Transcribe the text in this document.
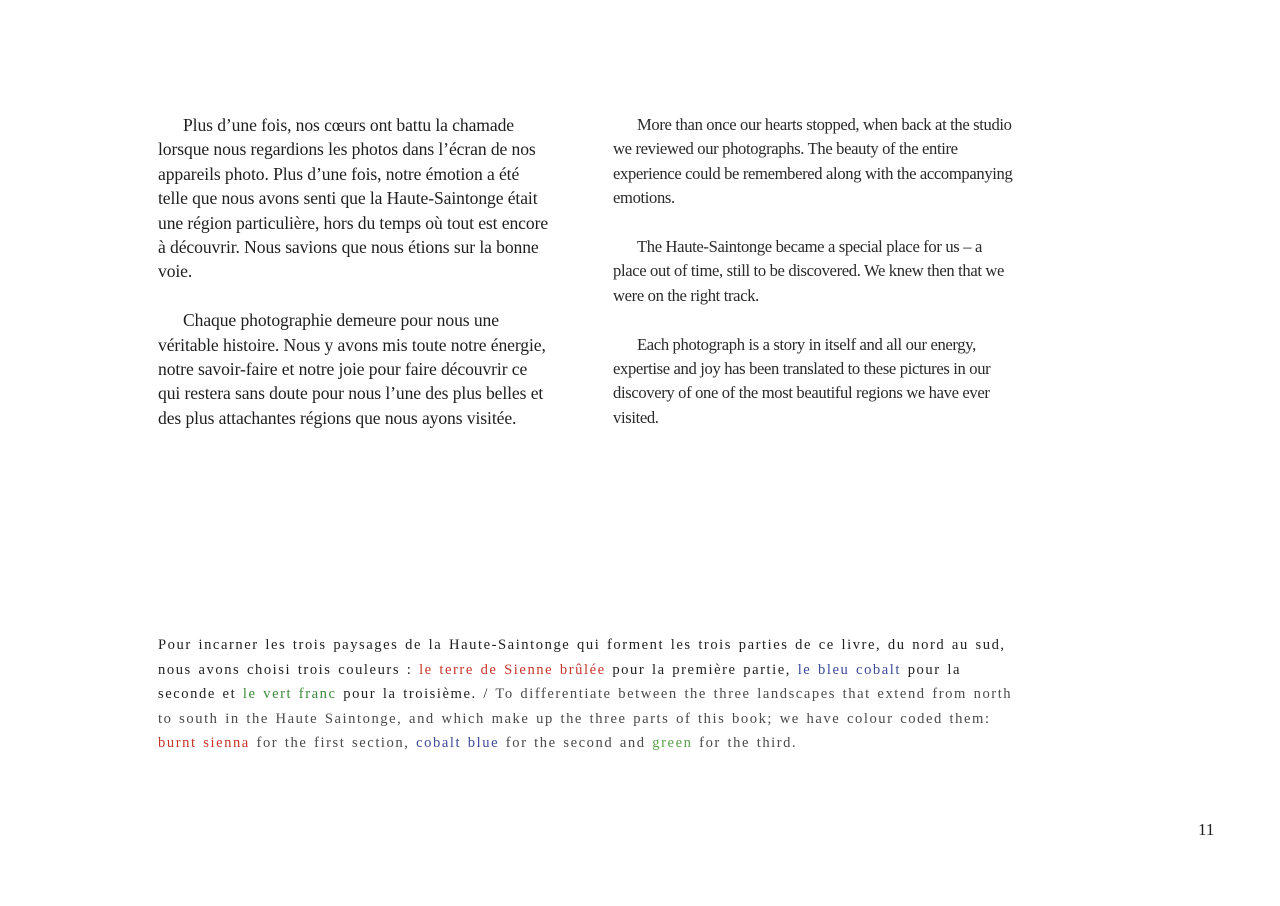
Plus d’une fois, nos cœurs ont battu la chamade lorsque nous regardions les photos dans l’écran de nos appareils photo. Plus d’une fois, notre émotion a été telle que nous avons senti que la Haute-Saintonge était une région particulière, hors du temps où tout est encore à découvrir. Nous savions que nous étions sur la bonne voie.

Chaque photographie demeure pour nous une véritable histoire. Nous y avons mis toute notre énergie, notre savoir-faire et notre joie pour faire découvrir ce qui restera sans doute pour nous l’une des plus belles et des plus attachantes régions que nous ayons visitée.

More than once our hearts stopped, when back at the studio we reviewed our photographs. The beauty of the entire experience could be remembered along with the accompanying emotions.

The Haute-Saintonge became a special place for us – a place out of time, still to be discovered. We knew then that we were on the right track.

Each photograph is a story in itself and all our energy, expertise and joy has been translated to these pictures in our discovery of one of the most beautiful regions we have ever visited.

Pour incarner les trois paysages de la Haute-Saintonge qui forment les trois parties de ce livre, du nord au sud, nous avons choisi trois couleurs : le terre de Sienne brûlée pour la première partie, le bleu cobalt pour la seconde et le vert franc pour la troisième. / To differentiate between the three landscapes that extend from north to south in the Haute Saintonge, and which make up the three parts of this book; we have colour coded them: burnt sienna for the first section, cobalt blue for the second and green for the third.
11
